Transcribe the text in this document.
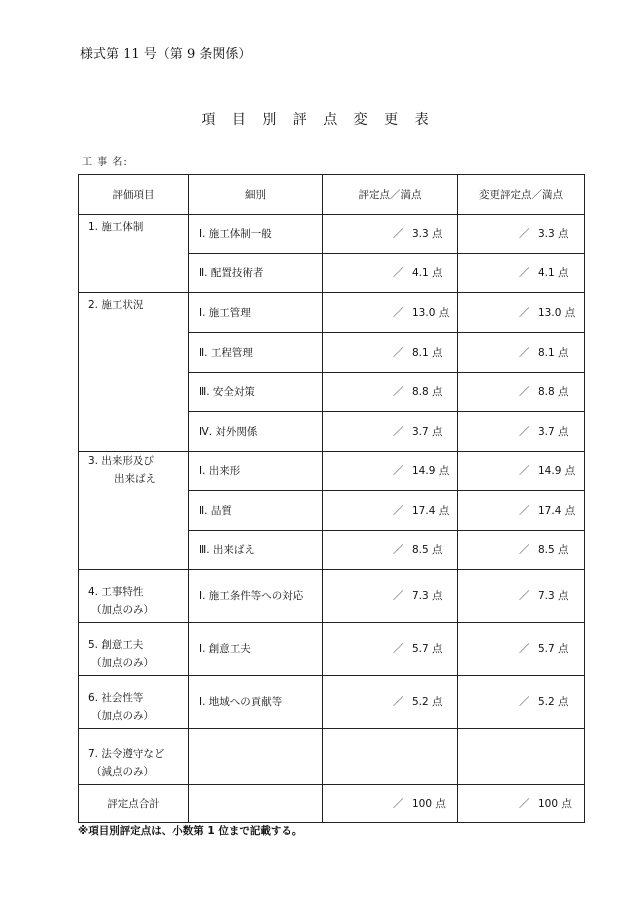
様式第 11 号（第 9 条関係）
項 目 別 評 点 変 更 表
工 事 名:
評価項目	細別	評定点／満点	変更評定点／満点

1. 施工体制	Ⅰ. 施工体制一般	／ 3.3 点	／ 3.3 点
	Ⅱ. 配置技術者	／ 4.1 点	／ 4.1 点

2. 施工状況	Ⅰ. 施工管理	／ 13.0 点	／ 13.0 点
	Ⅱ. 工程管理	／ 8.1 点	／ 8.1 点
	Ⅲ. 安全対策	／ 8.8 点	／ 8.8 点
	Ⅳ. 対外関係	／ 3.7 点	／ 3.7 点

3. 出来形及び
出来ばえ	Ⅰ. 出来形	／ 14.9 点	／ 14.9 点
	Ⅱ. 品質	／ 17.4 点	／ 17.4 点
	Ⅲ. 出来ばえ	／ 8.5 点	／ 8.5 点

4. 工事特性
（加点のみ）	Ⅰ. 施工条件等への対応	／ 7.3 点	／ 7.3 点

5. 創意工夫
（加点のみ）	Ⅰ. 創意工夫	／ 5.7 点	／ 5.7 点

6. 社会性等
（加点のみ）	Ⅰ. 地域への貢献等	／ 5.2 点	／ 5.2 点

7. 法令遵守など
（減点のみ）			

評定点合計		／ 100 点	／ 100 点
※項目別評定点は、小数第 1 位まで記載する。
